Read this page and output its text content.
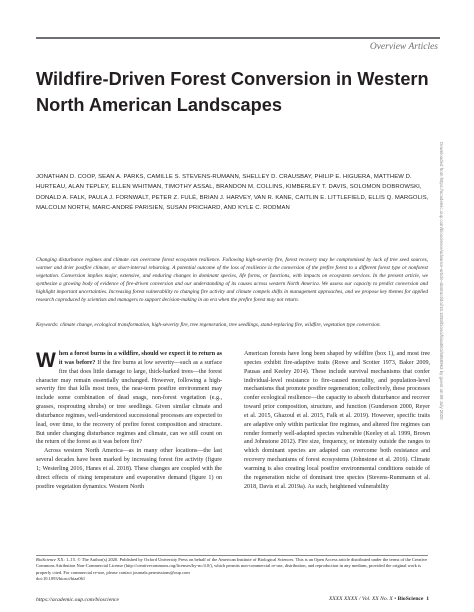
Overview Articles
Wildfire-Driven Forest Conversion in Western North American Landscapes
JONATHAN D. COOP, SEAN A. PARKS, CAMILLE S. STEVENS-RUMANN, SHELLEY D. CRAUSBAY, PHILIP E. HIGUERA, MATTHEW D. HURTEAU, ALAN TEPLEY, ELLEN WHITMAN, TIMOTHY ASSAL, BRANDON M. COLLINS, KIMBERLEY T. DAVIS, SOLOMON DOBROWSKI, DONALD A. FALK, PAULA J. FORNWALT, PETER Z. FULÉ, BRIAN J. HARVEY, VAN R. KANE, CAITLIN E. LITTLEFIELD, ELLIS Q. MARGOLIS, MALCOLM NORTH, MARC-ANDRÉ PARISIEN, SUSAN PRICHARD, AND KYLE C. RODMAN
Changing disturbance regimes and climate can overcome forest ecosystem resilience. Following high-severity fire, forest recovery may be compromised by lack of tree seed sources, warmer and drier postfire climate, or short-interval reburning. A potential outcome of the loss of resilience is the conversion of the prefire forest to a different forest type or nonforest vegetation. Conversion implies major, extensive, and enduring changes in dominant species, life forms, or functions, with impacts on ecosystem services. In the present article, we synthesize a growing body of evidence of fire-driven conversion and our understanding of its causes across western North America. We assess our capacity to predict conversion and highlight important uncertainties. Increasing forest vulnerability to changing fire activity and climate compels shifts in management approaches, and we propose key themes for applied research coproduced by scientists and managers to support decision-making in an era when the prefire forest may not return.
Keywords: climate change, ecological transformation, high-severity fire, tree regeneration, tree seedlings, stand-replacing fire, wildfire, vegetation type conversion.

When a forest burns in a wildfire, should we expect it to return as it was before? If the fire burns at low severity—such as a surface fire that does little damage to large, thick-barked trees—the forest character may remain essentially unchanged. However, following a high-severity fire that kills most trees, the near-term postfire environment may include some combination of dead snags, non-forest vegetation (e.g., grasses, resprouting shrubs) or tree seedlings. Given similar climate and disturbance regimes, well-understood successional processes are expected to lead, over time, to the recovery of prefire forest composition and structure. But under changing disturbance regimes and climate, can we still count on the return of the forest as it was before fire?

Across western North America—as in many other locations—the last several decades have been marked by increasing forest fire activity (figure 1; Westerling 2016, Hanes et al. 2018). These changes are coupled with the direct effects of rising temperature and evaporative demand (figure 1) on postfire vegetation dynamics. Western North

American forests have long been shaped by wildfire (box 1), and most tree species exhibit fire-adaptive traits (Rowe and Scotter 1973, Baker 2009, Pausas and Keeley 2014). These include survival mechanisms that confer individual-level resistance to fire-caused mortality, and population-level mechanisms that promote postfire regeneration; collectively, these processes confer ecological resilience—the capacity to absorb disturbance and recover toward prior composition, structure, and function (Gunderson 2000, Reyer et al. 2015, Ghazoul et al. 2015, Falk et al. 2019). However, specific traits are adaptive only within particular fire regimes, and altered fire regimes can render formerly well-adapted species vulnerable (Keeley et al. 1999, Brown and Johnstone 2012). Fire size, frequency, or intensity outside the ranges to which dominant species are adapted can overcome both resistance and recovery mechanisms of forest ecosystems (Johnstone et al. 2016). Climate warming is also creating local postfire environmental conditions outside of the regeneration niche of dominant tree species (Stevens-Rummann et al. 2018, Davis et al. 2019a). As such, heightened vulnerability

BioScience XX: 1–15. © The Author(s) 2020. Published by Oxford University Press on behalf of the American Institute of Biological Sciences. This is an Open Access article distributed under the terms of the Creative Commons Attribution Non-Commercial License (http://creativecommons.org/licenses/by-nc/4.0/), which permits non-commercial re-use, distribution, and reproduction in any medium, provided the original work is properly cited. For commercial re-use, please contact journals.permissions@oup.com

doi:10.1093/biosci/biaa061

https://academic.oup.com/bioscience	XXXX XXXX / Vol. XX No. X • BioScience 1
Downloaded from https://academic.oup.com/bioscience/advance-article-abstract/doi/10.1093/biosci/biaa061/5858963 by guest on 08 July 2020
